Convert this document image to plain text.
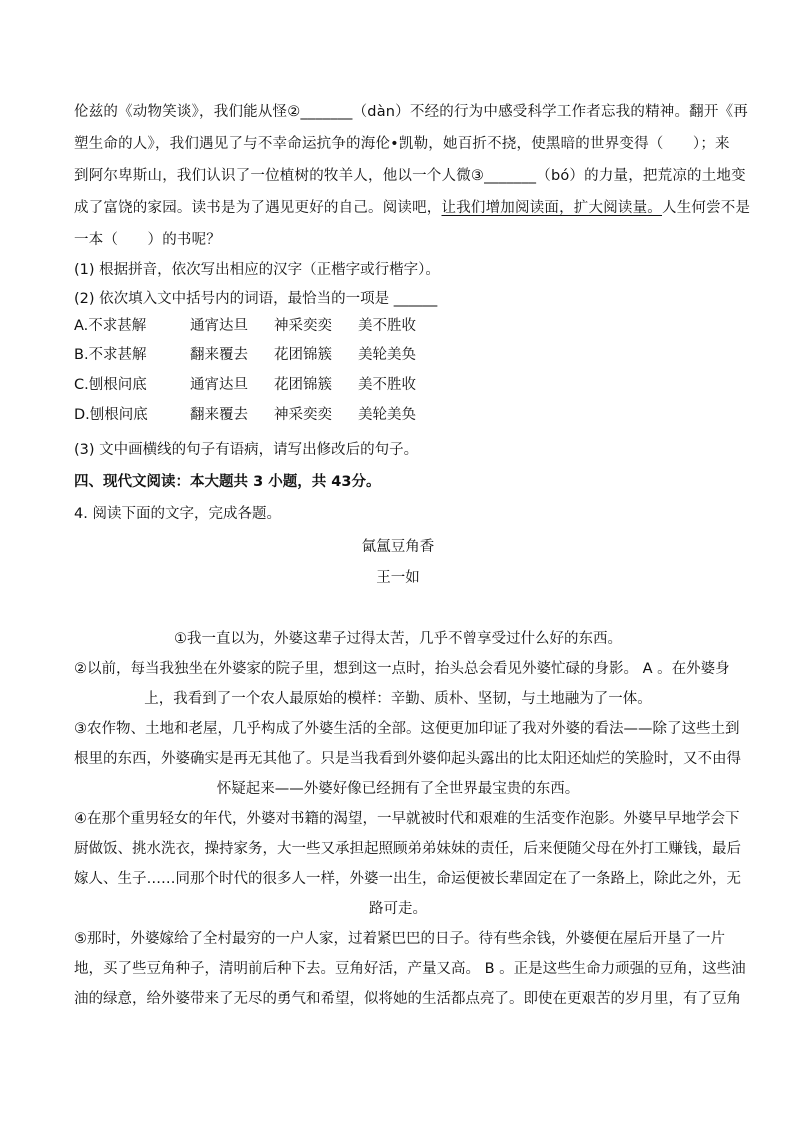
伦兹的《动物笑谈》，我们能从怪②_______（dàn）不经的行为中感受科学工作者忘我的精神。翻开《再
塑生命的人》，我们遇见了与不幸命运抗争的海伦•凯勒，她百折不挠，使黑暗的世界变得（　　）；来
到阿尔卑斯山，我们认识了一位植树的牧羊人，他以一个人微③_______（bó）的力量，把荒凉的土地变
成了富饶的家园。读书是为了遇见更好的自己。阅读吧，让我们增加阅读面，扩大阅读量。人生何尝不是
一本（　　）的书呢？
(1) 根据拼音，依次写出相应的汉字（正楷字或行楷字）。
(2) 依次填入文中括号内的词语，最恰当的一项是 ______
A.不求甚解	通宵达旦 神采奕奕 美不胜收
B.不求甚解	翻来覆去 花团锦簇 美轮美奂
C.刨根问底	通宵达旦 花团锦簇 美不胜收
D.刨根问底	翻来覆去 神采奕奕 美轮美奂
(3) 文中画横线的句子有语病，请写出修改后的句子。
四、现代文阅读：本大题共 3 小题，共 43分。
4. 阅读下面的文字，完成各题。
氤氲豆角香
王一如
①我一直以为，外婆这辈子过得太苦，几乎不曾享受过什么好的东西。
②以前，每当我独坐在外婆家的院子里，想到这一点时，抬头总会看见外婆忙碌的身影。 A 。在外婆身
上，我看到了一个农人最原始的模样：辛勤、质朴、坚韧，与土地融为了一体。
③农作物、土地和老屋，几乎构成了外婆生活的全部。这便更加印证了我对外婆的看法——除了这些土到
根里的东西，外婆确实是再无其他了。只是当我看到外婆仰起头露出的比太阳还灿烂的笑脸时，又不由得
怀疑起来——外婆好像已经拥有了全世界最宝贵的东西。
④在那个重男轻女的年代，外婆对书籍的渴望，一早就被时代和艰难的生活变作泡影。外婆早早地学会下
厨做饭、挑水洗衣，操持家务，大一些又承担起照顾弟弟妹妹的责任，后来便随父母在外打工赚钱，最后
嫁人、生子……同那个时代的很多人一样，外婆一出生，命运便被长辈固定在了一条路上，除此之外，无
路可走。
⑤那时，外婆嫁给了全村最穷的一户人家，过着紧巴巴的日子。待有些余钱，外婆便在屋后开垦了一片
地，买了些豆角种子，清明前后种下去。豆角好活，产量又高。 B 。正是这些生命力顽强的豆角，这些油
油的绿意，给外婆带来了无尽的勇气和希望，似将她的生活都点亮了。即使在更艰苦的岁月里，有了豆角
